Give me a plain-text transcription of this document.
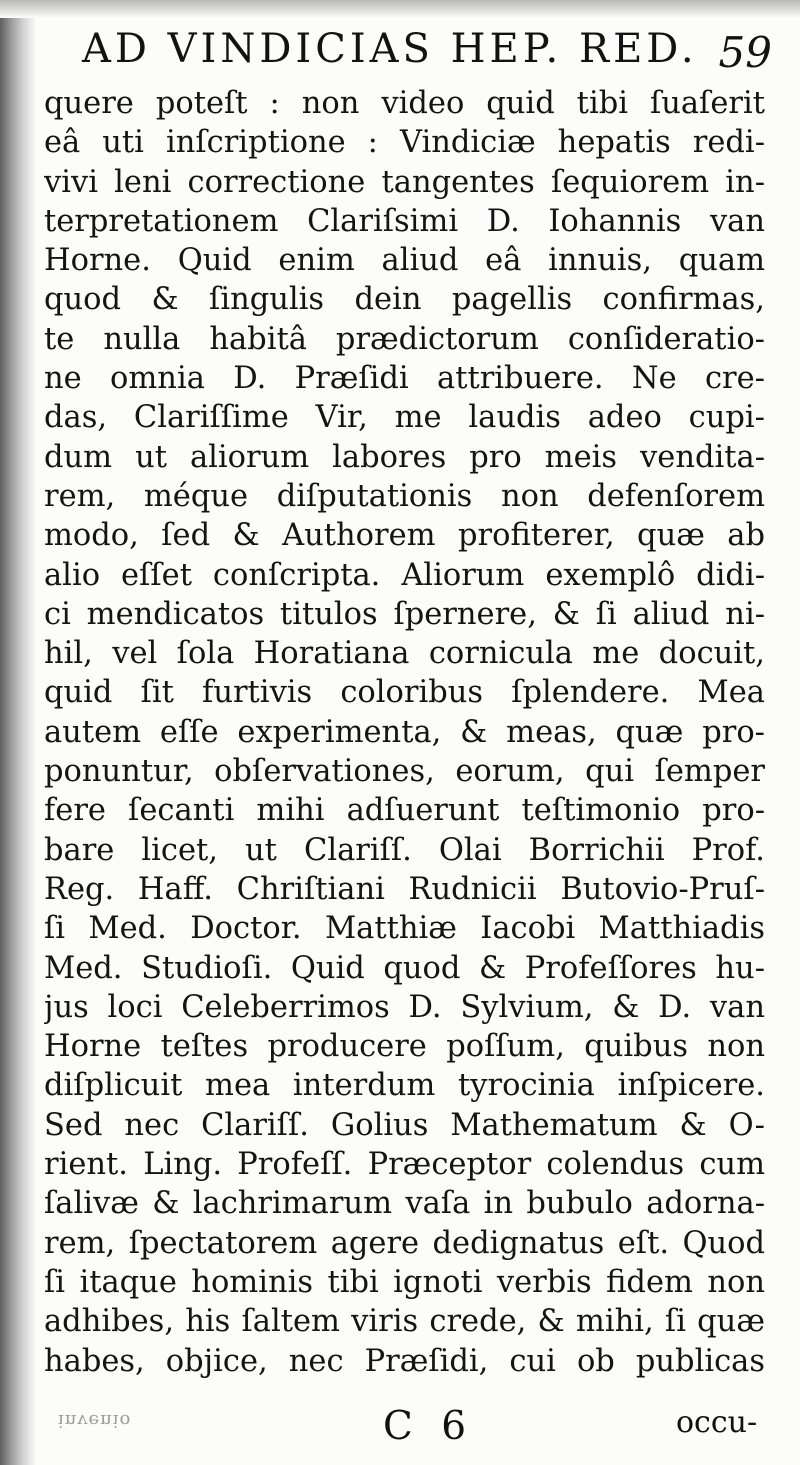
AD VINDICIAS HEP. RED. 59
quere poteſt : non video quid tibi ſuaſerit
eâ uti inſcriptione : Vindiciæ hepatis redi-
vivi leni correctione tangentes ſequiorem in-
terpretationem Clariſsimi D. Iohannis van
Horne. Quid enim aliud eâ innuis, quam
quod & ſingulis dein pagellis confirmas,
te nulla habitâ prædictorum conſideratio-
ne omnia D. Præſidi attribuere. Ne cre-
das, Clariſſime Vir, me laudis adeo cupi-
dum ut aliorum labores pro meis vendita-
rem, méque diſputationis non defenſorem
modo, ſed & Authorem profiterer, quæ ab
alio eſſet conſcripta. Aliorum exemplô didi-
ci mendicatos titulos ſpernere, & ſi aliud ni-
hil, vel ſola Horatiana cornicula me docuit,
quid ſit furtivis coloribus ſplendere. Mea
autem eſſe experimenta, & meas, quæ pro-
ponuntur, obſervationes, eorum, qui ſemper
fere ſecanti mihi adſuerunt teſtimonio pro-
bare licet, ut Clariſſ. Olai Borrichii Prof.
Reg. Haff. Chriſtiani Rudnicii Butovio-Pruſ-
ſi Med. Doctor. Matthiæ Iacobi Matthiadis
Med. Studioſi. Quid quod & Profeſſores hu-
jus loci Celeberrimos D. Sylvium, & D. van
Horne teſtes producere poſſum, quibus non
diſplicuit mea interdum tyrocinia inſpicere.
Sed nec Clariſſ. Golius Mathematum & O-
rient. Ling. Profeſſ. Præceptor colendus cum
ſalivæ & lachrimarum vaſa in bubulo adorna-
rem, ſpectatorem agere dedignatus eſt. Quod
ſi itaque hominis tibi ignoti verbis fidem non
adhibes, his ſaltem viris crede, & mihi, ſi quæ
habes, objice, nec Præſidi, cui ob publicas
invenio	C 6	occu-
